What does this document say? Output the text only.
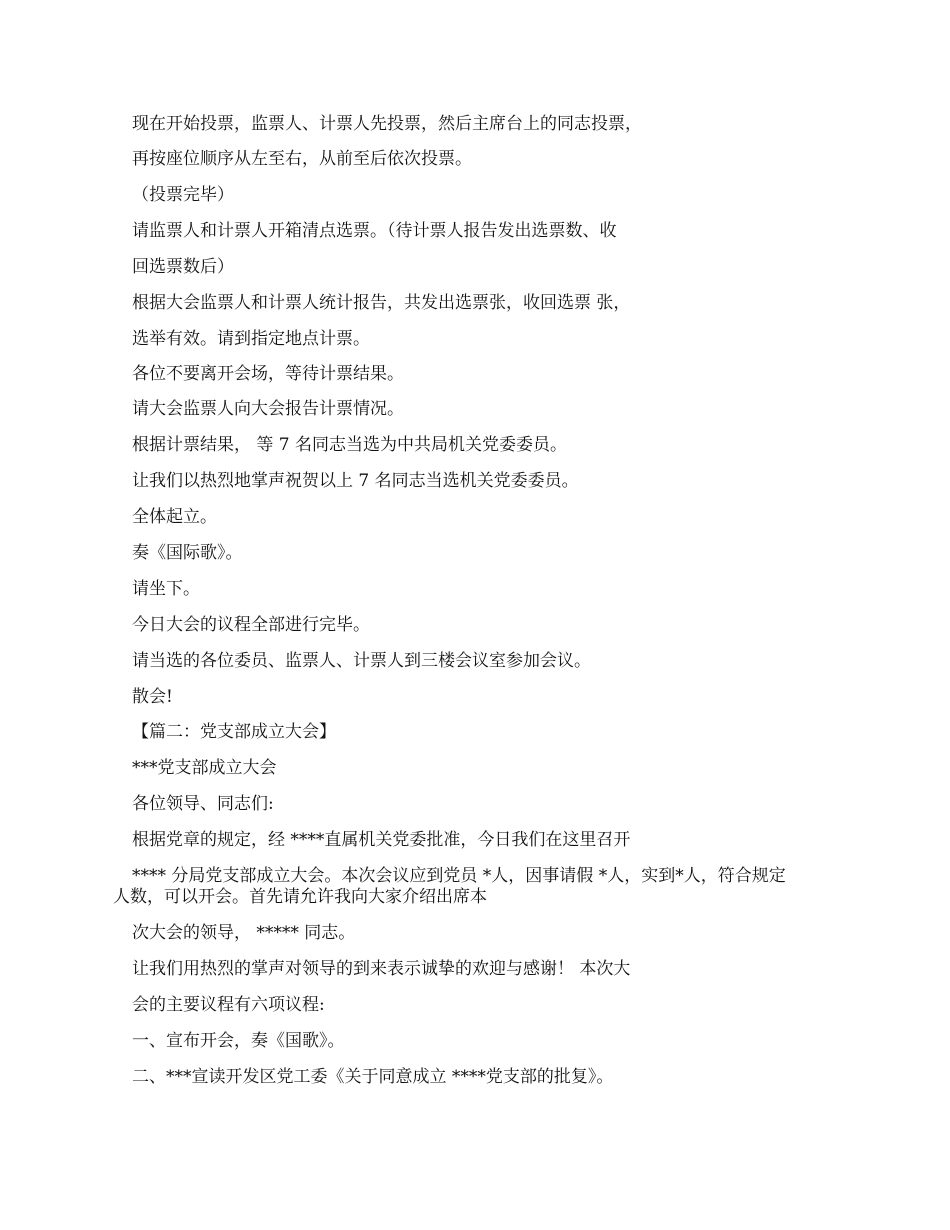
现在开始投票，监票人、计票人先投票，然后主席台上的同志投票，

再按座位顺序从左至右，从前至后依次投票。

（投票完毕）

请监票人和计票人开箱清点选票。（待计票人报告发出选票数、收

回选票数后）

根据大会监票人和计票人统计报告，共发出选票张，收回选票 张，

选举有效。请到指定地点计票。

各位不要离开会场，等待计票结果。

请大会监票人向大会报告计票情况。

根据计票结果， 等 7 名同志当选为中共局机关党委委员。

让我们以热烈地掌声祝贺以上 7 名同志当选机关党委委员。

全体起立。

奏《国际歌》。

请坐下。

今日大会的议程全部进行完毕。

请当选的各位委员、监票人、计票人到三楼会议室参加会议。

散会!

【篇二：党支部成立大会】

***党支部成立大会

各位领导、同志们:

根据党章的规定，经 ****直属机关党委批准，今日我们在这里召开

**** 分局党支部成立大会。本次会议应到党员 *人，因事请假 *人，实到*人，符合规定

人数，可以开会。首先请允许我向大家介绍出席本

次大会的领导， ***** 同志。

让我们用热烈的掌声对领导的到来表示诚挚的欢迎与感谢！ 本次大

会的主要议程有六项议程:

一、宣布开会，奏《国歌》。

二、***宣读开发区党工委《关于同意成立 ****党支部的批复》。
